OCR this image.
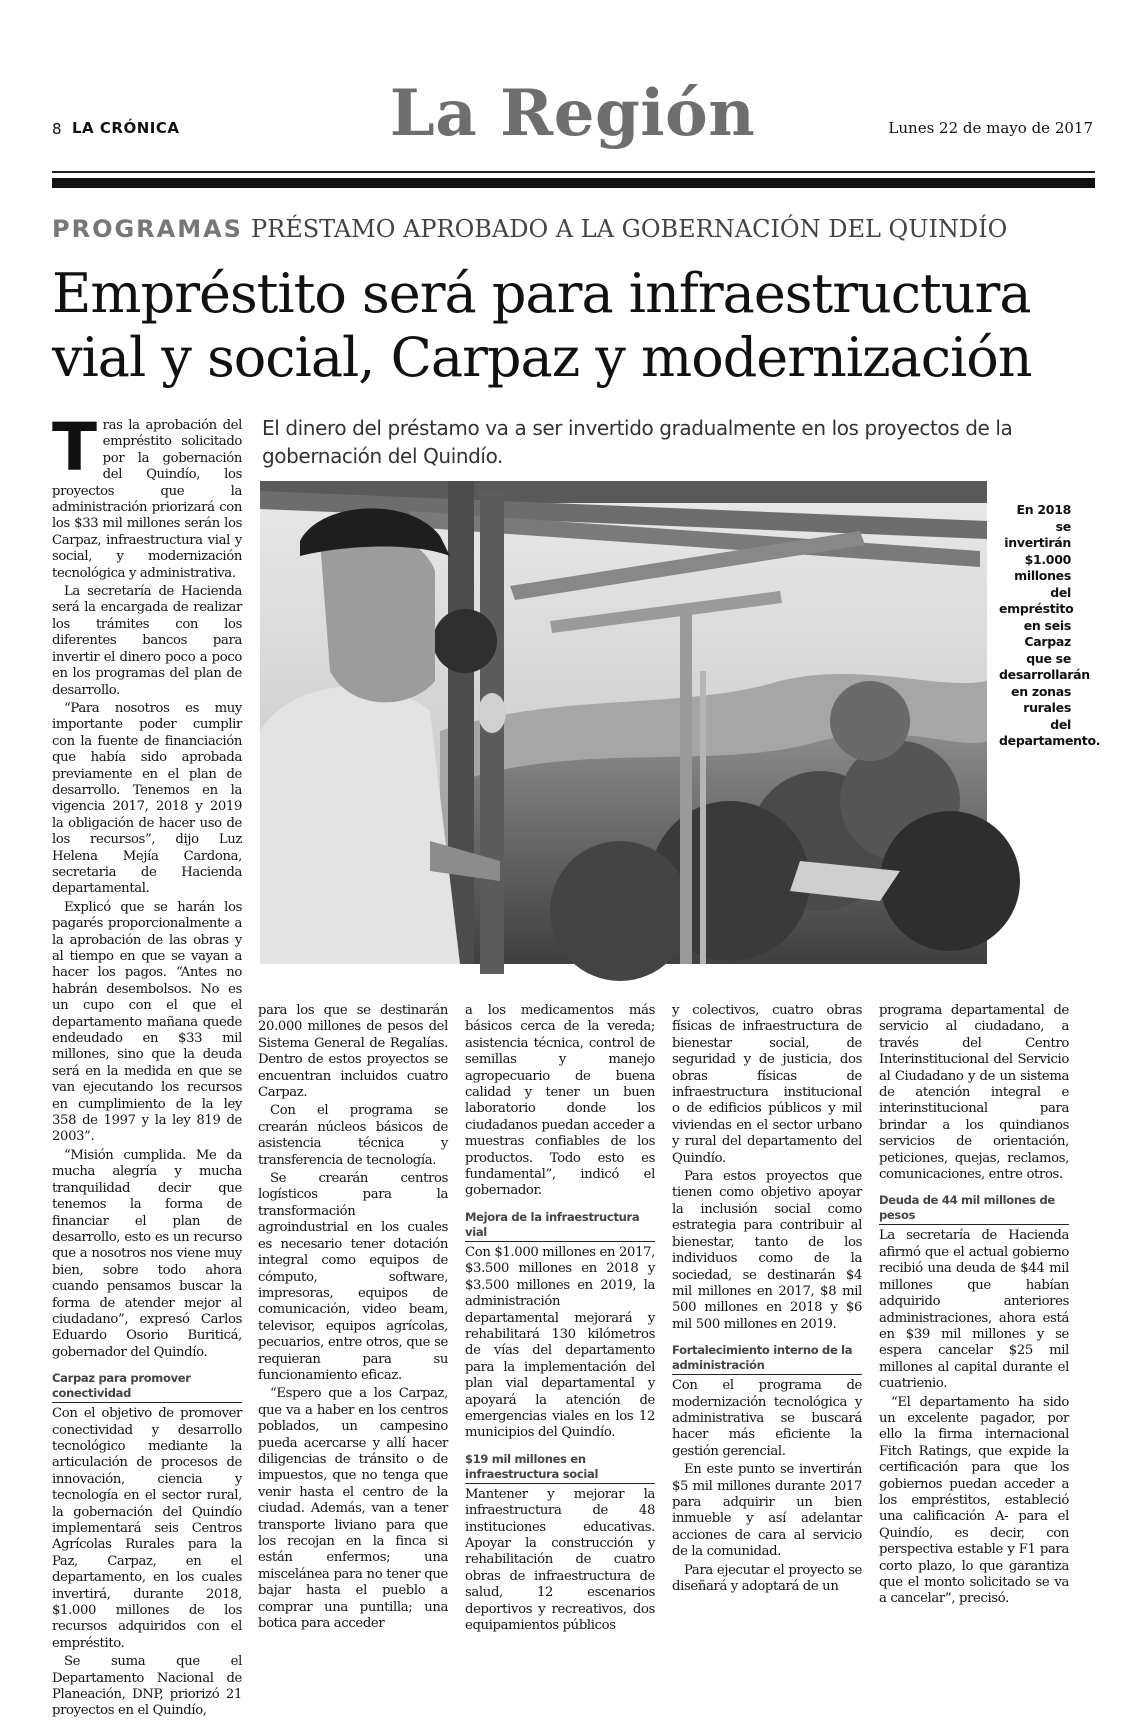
8 LA CRÓNICA	La Región	Lunes 22 de mayo de 2017
PROGRAMAS PRÉSTAMO APROBADO A LA GOBERNACIÓN DEL QUINDÍO
Empréstito será para infraestructura
vial y social, Carpaz y modernización
El dinero del préstamo va a ser invertido gradualmente en los proyectos de la gobernación del Quindío.
En 2018 se invertirán $1.000 millones del empréstito en seis Carpaz que se desarrollarán en zonas rurales del departamento.

Tras la aprobación del empréstito solicitado por la gobernación del Quindío, los proyectos que la administración priorizará con los $33 mil millones serán los Carpaz, infraestructura vial y social, y modernización tecnológica y administrativa.

La secretaría de Hacienda será la encargada de realizar los trámites con los diferentes bancos para invertir el dinero poco a poco en los programas del plan de desarrollo.

“Para nosotros es muy importante poder cumplir con la fuente de financiación que había sido aprobada previamente en el plan de desarrollo. Tenemos en la vigencia 2017, 2018 y 2019 la obligación de hacer uso de los recursos”, dijo Luz Helena Mejía Cardona, secretaria de Hacienda departamental.

Explicó que se harán los pagarés proporcionalmente a la aprobación de las obras y al tiempo en que se vayan a hacer los pagos. “Antes no habrán desembolsos. No es un cupo con el que el departamento mañana quede endeudado en $33 mil millones, sino que la deuda será en la medida en que se van ejecutando los recursos en cumplimiento de la ley 358 de 1997 y la ley 819 de 2003”.

“Misión cumplida. Me da mucha alegría y mucha tranquilidad decir que tenemos la forma de financiar el plan de desarrollo, esto es un recurso que a nosotros nos viene muy bien, sobre todo ahora cuando pensamos buscar la forma de atender mejor al ciudadano”, expresó Carlos Eduardo Osorio Buriticá, gobernador del Quindío.

Carpaz para promover conectividad

Con el objetivo de promover conectividad y desarrollo tecnológico mediante la articulación de procesos de innovación, ciencia y tecnología en el sector rural, la gobernación del Quindío implementará seis Centros Agrícolas Rurales para la Paz, Carpaz, en el departamento, en los cuales invertirá, durante 2018, $1.000 millones de los recursos adquiridos con el empréstito.

Se suma que el Departamento Nacional de Planeación, DNP, priorizó 21 proyectos en el Quindío,

para los que se destinarán 20.000 millones de pesos del Sistema General de Regalías. Dentro de estos proyectos se encuentran incluidos cuatro Carpaz.

Con el programa se crearán núcleos básicos de asistencia técnica y transferencia de tecnología.

Se crearán centros logísticos para la transformación agroindustrial en los cuales es necesario tener dotación integral como equipos de cómputo, software, impresoras, equipos de comunicación, video beam, televisor, equipos agrícolas, pecuarios, entre otros, que se requieran para su funcionamiento eficaz.

“Espero que a los Carpaz, que va a haber en los centros poblados, un campesino pueda acercarse y allí hacer diligencias de tránsito o de impuestos, que no tenga que venir hasta el centro de la ciudad. Además, van a tener transporte liviano para que los recojan en la finca si están enfermos; una miscelánea para no tener que bajar hasta el pueblo a comprar una puntilla; una botica para acceder

a los medicamentos más básicos cerca de la vereda; asistencia técnica, control de semillas y manejo agropecuario de buena calidad y tener un buen laboratorio donde los ciudadanos puedan acceder a muestras confiables de los productos. Todo esto es fundamental”, indicó el gobernador.

Mejora de la infraestructura vial

Con $1.000 millones en 2017, $3.500 millones en 2018 y $3.500 millones en 2019, la administración departamental mejorará y rehabilitará 130 kilómetros de vías del departamento para la implementación del plan vial departamental y apoyará la atención de emergencias viales en los 12 municipios del Quindío.

$19 mil millones en infraestructura social

Mantener y mejorar la infraestructura de 48 instituciones educativas. Apoyar la construcción y rehabilitación de cuatro obras de infraestructura de salud, 12 escenarios deportivos y recreativos, dos equipamientos públicos

y colectivos, cuatro obras físicas de infraestructura de bienestar social, de seguridad y de justicia, dos obras físicas de infraestructura institucional o de edificios públicos y mil viviendas en el sector urbano y rural del departamento del Quindío.

Para estos proyectos que tienen como objetivo apoyar la inclusión social como estrategia para contribuir al bienestar, tanto de los individuos como de la sociedad, se destinarán $4 mil millones en 2017, $8 mil 500 millones en 2018 y $6 mil 500 millones en 2019.

Fortalecimiento interno de la administración

Con el programa de modernización tecnológica y administrativa se buscará hacer más eficiente la gestión gerencial.

En este punto se invertirán $5 mil millones durante 2017 para adquirir un bien inmueble y así adelantar acciones de cara al servicio de la comunidad.

Para ejecutar el proyecto se diseñará y adoptará de un

programa departamental de servicio al ciudadano, a través del Centro Interinstitucional del Servicio al Ciudadano y de un sistema de atención integral e interinstitucional para brindar a los quindianos servicios de orientación, peticiones, quejas, reclamos, comunicaciones, entre otros.

Deuda de 44 mil millones de pesos

La secretaría de Hacienda afirmó que el actual gobierno recibió una deuda de $44 mil millones que habían adquirido anteriores administraciones, ahora está en $39 mil millones y se espera cancelar $25 mil millones al capital durante el cuatrienio.

“El departamento ha sido un excelente pagador, por ello la firma internacional Fitch Ratings, que expide la certificación para que los gobiernos puedan acceder a los empréstitos, estableció una calificación A- para el Quindío, es decir, con perspectiva estable y F1 para corto plazo, lo que garantiza que el monto solicitado se va a cancelar”, precisó.
